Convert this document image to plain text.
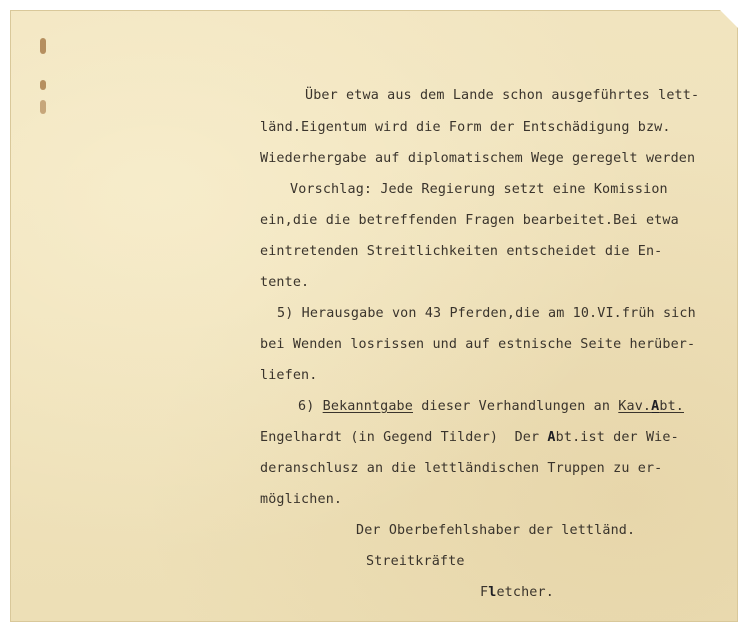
Über etwa aus dem Lande schon ausgeführtes lett-
länd.Eigentum wird die Form der Entschädigung bzw.
Wiederhergabe auf diplomatischem Wege geregelt werden
Vorschlag: Jede Regierung setzt eine Komission
ein,die die betreffenden Fragen bearbeitet.Bei etwa
eintretenden Streitlichkeiten entscheidet die En-
tente.
5) Herausgabe von 43 Pferden,die am 10.VI.früh sich
bei Wenden losrissen und auf estnische Seite herüber-
liefen.
6) Bekanntgabe dieser Verhandlungen an Kav.Abt.
Engelhardt (in Gegend Tilder)  Der Abt.ist der Wie-
deranschlusz an die lettländischen Truppen zu er-
möglichen.
Der Oberbefehlshaber der lettländ.
Streitkräfte
Fletcher.
